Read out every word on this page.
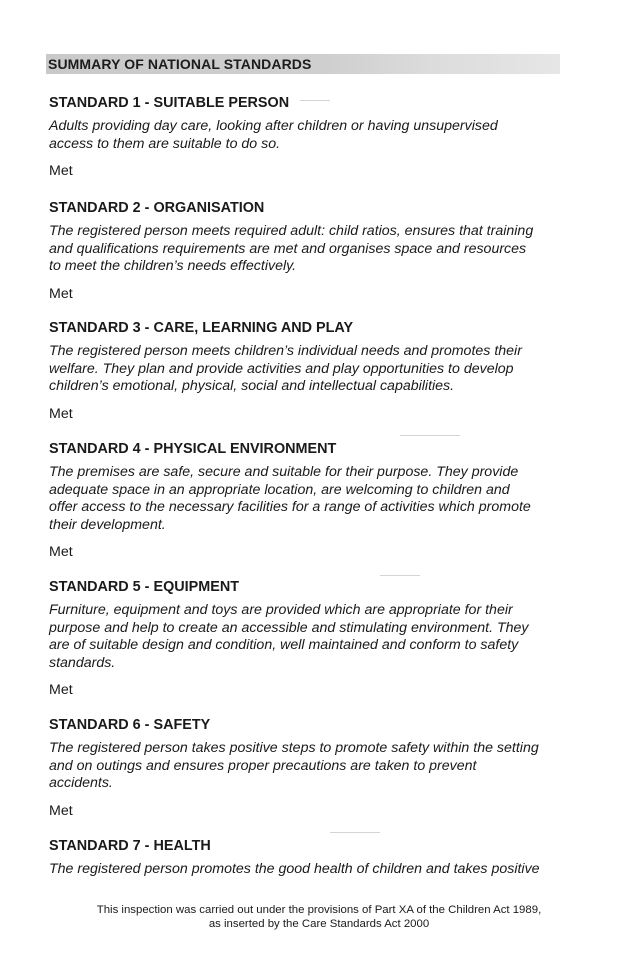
SUMMARY OF NATIONAL STANDARDS
STANDARD 1 - SUITABLE PERSON
Adults providing day care, looking after children or having unsupervised
access to them are suitable to do so.
Met
STANDARD 2 - ORGANISATION
The registered person meets required adult: child ratios, ensures that training
and qualifications requirements are met and organises space and resources
to meet the children’s needs effectively.
Met
STANDARD 3 - CARE, LEARNING AND PLAY
The registered person meets children’s individual needs and promotes their
welfare. They plan and provide activities and play opportunities to develop
children’s emotional, physical, social and intellectual capabilities.
Met
STANDARD 4 - PHYSICAL ENVIRONMENT
The premises are safe, secure and suitable for their purpose. They provide
adequate space in an appropriate location, are welcoming to children and
offer access to the necessary facilities for a range of activities which promote
their development.
Met
STANDARD 5 - EQUIPMENT
Furniture, equipment and toys are provided which are appropriate for their
purpose and help to create an accessible and stimulating environment. They
are of suitable design and condition, well maintained and conform to safety
standards.
Met
STANDARD 6 - SAFETY
The registered person takes positive steps to promote safety within the setting
and on outings and ensures proper precautions are taken to prevent
accidents.
Met
STANDARD 7 - HEALTH
The registered person promotes the good health of children and takes positive
This inspection was carried out under the provisions of Part XA of the Children Act 1989,
as inserted by the Care Standards Act 2000
